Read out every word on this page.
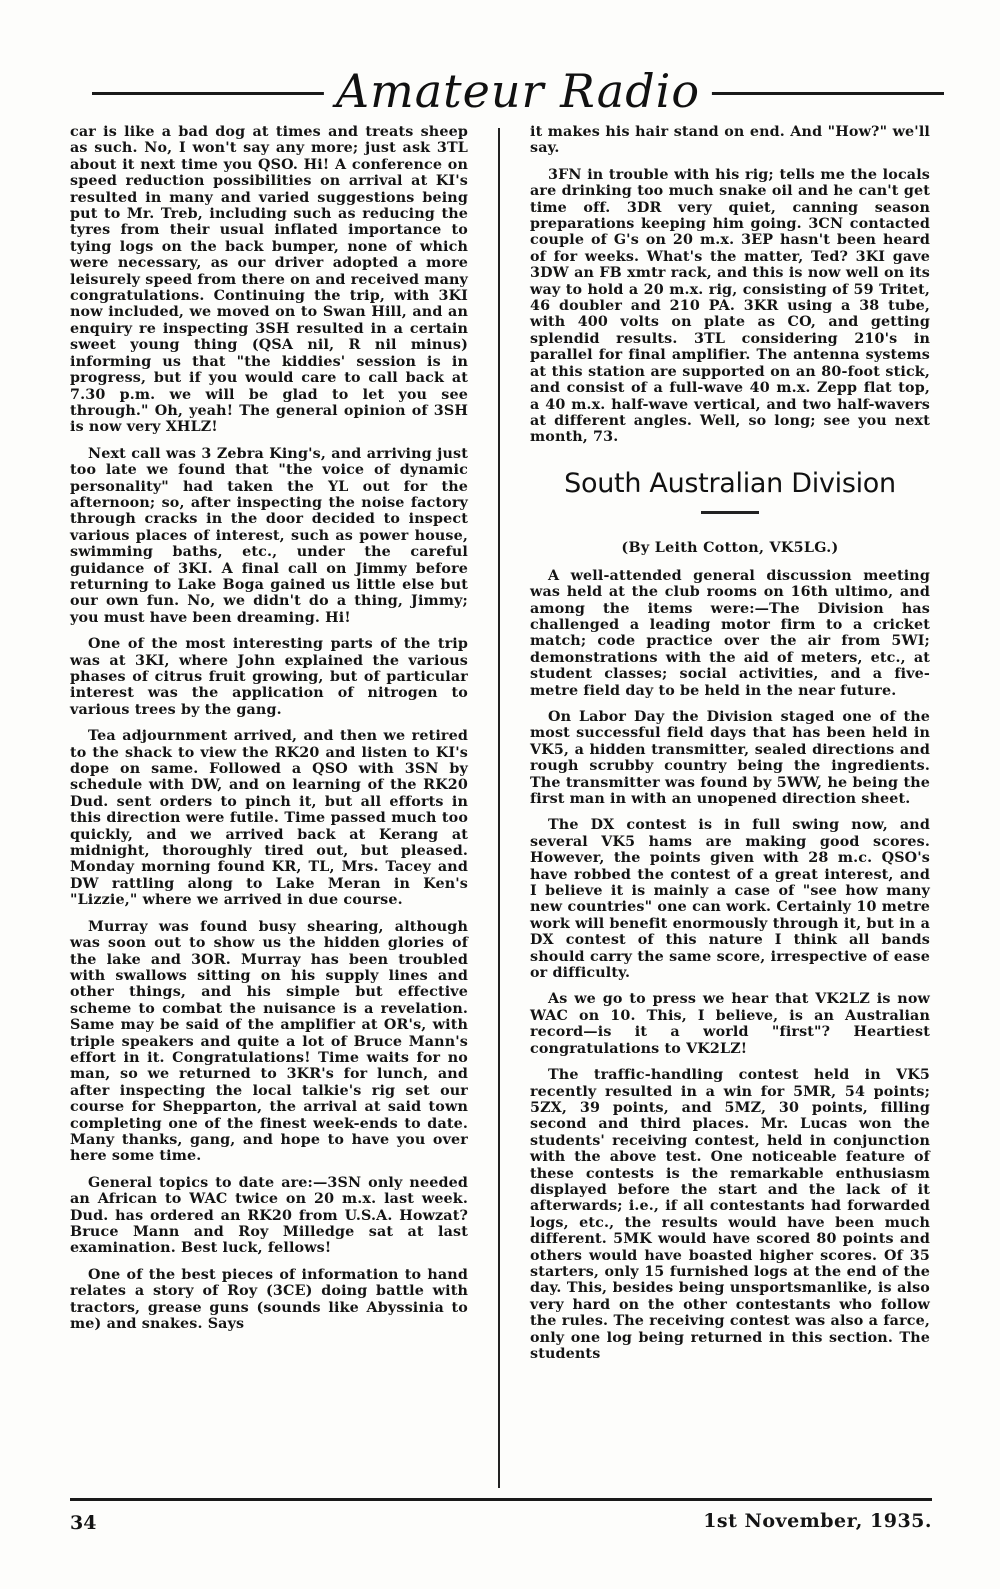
Amateur Radio

car is like a bad dog at times and treats sheep as such. No, I won't say any more; just ask 3TL about it next time you QSO. Hi! A conference on speed reduction possibilities on arrival at KI's resulted in many and varied suggestions being put to Mr. Treb, including such as reducing the tyres from their usual inflated importance to tying logs on the back bumper, none of which were necessary, as our driver adopted a more leisurely speed from there on and received many congratulations. Continuing the trip, with 3KI now included, we moved on to Swan Hill, and an enquiry re inspecting 3SH resulted in a certain sweet young thing (QSA nil, R nil minus) informing us that "the kiddies' session is in progress, but if you would care to call back at 7.30 p.m. we will be glad to let you see through." Oh, yeah! The general opinion of 3SH is now very XHLZ!

Next call was 3 Zebra King's, and arriving just too late we found that "the voice of dynamic personality" had taken the YL out for the afternoon; so, after inspecting the noise factory through cracks in the door decided to inspect various places of interest, such as power house, swimming baths, etc., under the careful guidance of 3KI. A final call on Jimmy before returning to Lake Boga gained us little else but our own fun. No, we didn't do a thing, Jimmy; you must have been dreaming. Hi!

One of the most interesting parts of the trip was at 3KI, where John explained the various phases of citrus fruit growing, but of particular interest was the application of nitrogen to various trees by the gang.

Tea adjournment arrived, and then we retired to the shack to view the RK20 and listen to KI's dope on same. Followed a QSO with 3SN by schedule with DW, and on learning of the RK20 Dud. sent orders to pinch it, but all efforts in this direction were futile. Time passed much too quickly, and we arrived back at Kerang at midnight, thoroughly tired out, but pleased. Monday morning found KR, TL, Mrs. Tacey and DW rattling along to Lake Meran in Ken's "Lizzie," where we arrived in due course.

Murray was found busy shearing, although was soon out to show us the hidden glories of the lake and 3OR. Murray has been troubled with swallows sitting on his supply lines and other things, and his simple but effective scheme to combat the nuisance is a revelation. Same may be said of the amplifier at OR's, with triple speakers and quite a lot of Bruce Mann's effort in it. Congratulations! Time waits for no man, so we returned to 3KR's for lunch, and after inspecting the local talkie's rig set our course for Shepparton, the arrival at said town completing one of the finest week-ends to date. Many thanks, gang, and hope to have you over here some time.

General topics to date are:—3SN only needed an African to WAC twice on 20 m.x. last week. Dud. has ordered an RK20 from U.S.A. Howzat? Bruce Mann and Roy Milledge sat at last examination. Best luck, fellows!

One of the best pieces of information to hand relates a story of Roy (3CE) doing battle with tractors, grease guns (sounds like Abyssinia to me) and snakes. Says

it makes his hair stand on end. And "How?" we'll say.

3FN in trouble with his rig; tells me the locals are drinking too much snake oil and he can't get time off. 3DR very quiet, canning season preparations keeping him going. 3CN contacted couple of G's on 20 m.x. 3EP hasn't been heard of for weeks. What's the matter, Ted? 3KI gave 3DW an FB xmtr rack, and this is now well on its way to hold a 20 m.x. rig, consisting of 59 Tritet, 46 doubler and 210 PA. 3KR using a 38 tube, with 400 volts on plate as CO, and getting splendid results. 3TL considering 210's in parallel for final amplifier. The antenna systems at this station are supported on an 80-foot stick, and consist of a full-wave 40 m.x. Zepp flat top, a 40 m.x. half-wave vertical, and two half-wavers at different angles. Well, so long; see you next month, 73.

South Australian Division
(By Leith Cotton, VK5LG.)

A well-attended general discussion meeting was held at the club rooms on 16th ultimo, and among the items were:—The Division has challenged a leading motor firm to a cricket match; code practice over the air from 5WI; demonstrations with the aid of meters, etc., at student classes; social activities, and a five-metre field day to be held in the near future.

On Labor Day the Division staged one of the most successful field days that has been held in VK5, a hidden transmitter, sealed directions and rough scrubby country being the ingredients. The transmitter was found by 5WW, he being the first man in with an unopened direction sheet.

The DX contest is in full swing now, and several VK5 hams are making good scores. However, the points given with 28 m.c. QSO's have robbed the contest of a great interest, and I believe it is mainly a case of "see how many new countries" one can work. Certainly 10 metre work will benefit enormously through it, but in a DX contest of this nature I think all bands should carry the same score, irrespective of ease or difficulty.

As we go to press we hear that VK2LZ is now WAC on 10. This, I believe, is an Australian record—is it a world "first"? Heartiest congratulations to VK2LZ!

The traffic-handling contest held in VK5 recently resulted in a win for 5MR, 54 points; 5ZX, 39 points, and 5MZ, 30 points, filling second and third places. Mr. Lucas won the students' receiving contest, held in conjunction with the above test. One noticeable feature of these contests is the remarkable enthusiasm displayed before the start and the lack of it afterwards; i.e., if all contestants had forwarded logs, etc., the results would have been much different. 5MK would have scored 80 points and others would have boasted higher scores. Of 35 starters, only 15 furnished logs at the end of the day. This, besides being unsportsmanlike, is also very hard on the other contestants who follow the rules. The receiving contest was also a farce, only one log being returned in this section. The students

34	1st November, 1935.
